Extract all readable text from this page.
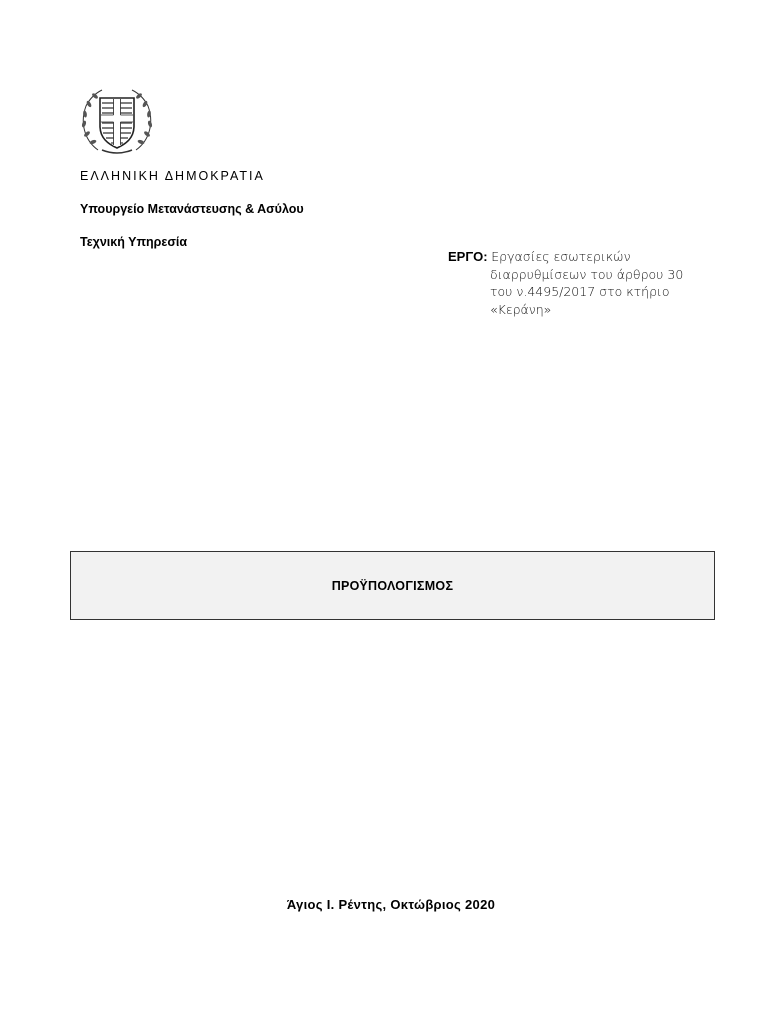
ΕΛΛΗΝΙΚΗ ΔΗΜΟΚΡΑΤΙΑ
Υπουργείο Μετανάστευσης & Ασύλου
Τεχνική Υπηρεσία
ΕΡΓΟ: Εργασίες εσωτερικών
διαρρυθμίσεων του άρθρου 30
του ν.4495/2017 στο κτήριο
«Κεράνη»
ΠΡΟΫΠΟΛΟΓΙΣΜΟΣ
Άγιος Ι. Ρέντης, Οκτώβριος 2020
